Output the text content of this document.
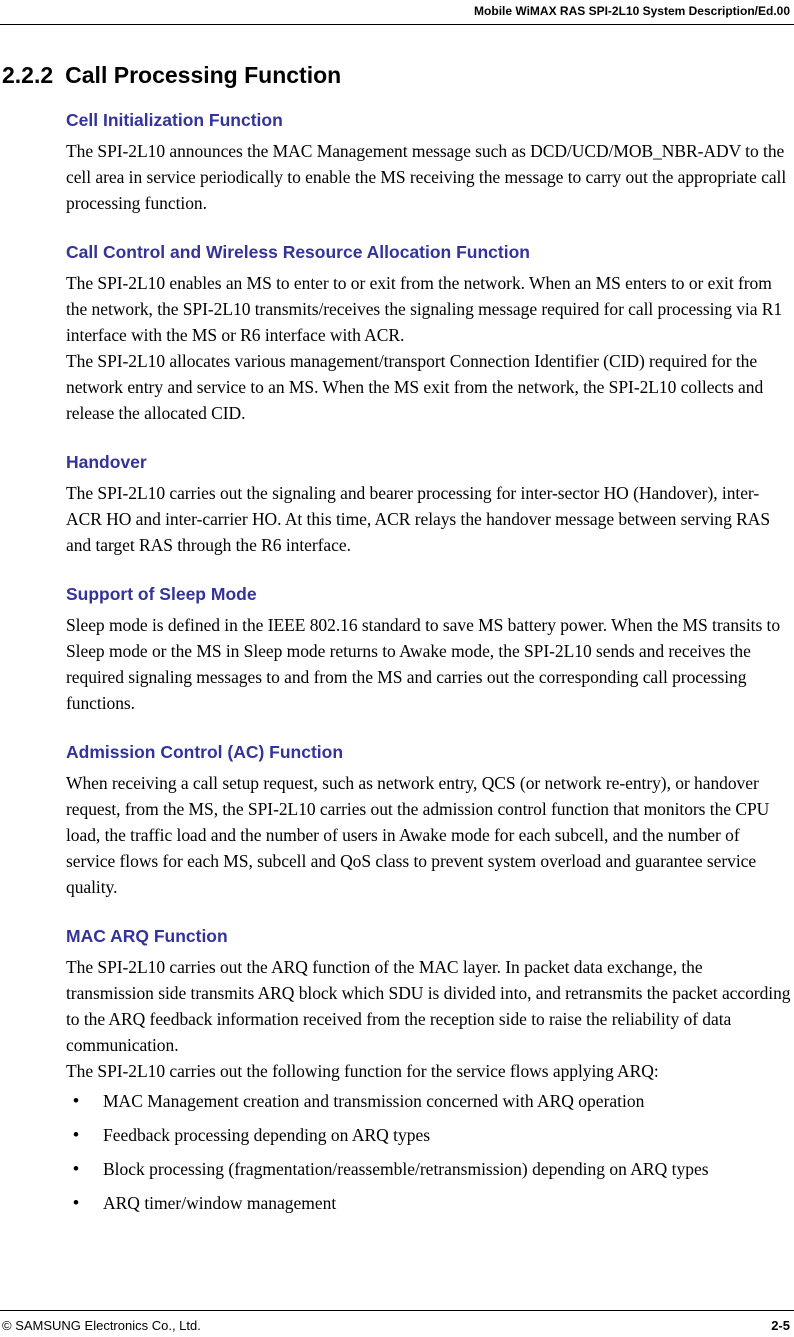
Mobile WiMAX RAS SPI-2L10 System Description/Ed.00
2.2.2 Call Processing Function
Cell Initialization Function

The SPI-2L10 announces the MAC Management message such as DCD/UCD/MOB_NBR-ADV to the cell area in service periodically to enable the MS receiving the message to carry out the appropriate call processing function.

Call Control and Wireless Resource Allocation Function

The SPI-2L10 enables an MS to enter to or exit from the network. When an MS enters to or exit from the network, the SPI-2L10 transmits/receives the signaling message required for call processing via R1 interface with the MS or R6 interface with ACR.

The SPI-2L10 allocates various management/transport Connection Identifier (CID) required for the network entry and service to an MS. When the MS exit from the network, the SPI-2L10 collects and release the allocated CID.

Handover

The SPI-2L10 carries out the signaling and bearer processing for inter-sector HO (Handover), inter-ACR HO and inter-carrier HO. At this time, ACR relays the handover message between serving RAS and target RAS through the R6 interface.

Support of Sleep Mode

Sleep mode is defined in the IEEE 802.16 standard to save MS battery power. When the MS transits to Sleep mode or the MS in Sleep mode returns to Awake mode, the SPI-2L10 sends and receives the required signaling messages to and from the MS and carries out the corresponding call processing functions.

Admission Control (AC) Function

When receiving a call setup request, such as network entry, QCS (or network re-entry), or handover request, from the MS, the SPI-2L10 carries out the admission control function that monitors the CPU load, the traffic load and the number of users in Awake mode for each subcell, and the number of service flows for each MS, subcell and QoS class to prevent system overload and guarantee service quality.

MAC ARQ Function

The SPI-2L10 carries out the ARQ function of the MAC layer. In packet data exchange, the transmission side transmits ARQ block which SDU is divided into, and retransmits the packet according to the ARQ feedback information received from the reception side to raise the reliability of data communication.

The SPI-2L10 carries out the following function for the service flows applying ARQ:

• MAC Management creation and transmission concerned with ARQ operation
• Feedback processing depending on ARQ types
• Block processing (fragmentation/reassemble/retransmission) depending on ARQ types
• ARQ timer/window management
© SAMSUNG Electronics Co., Ltd.	2-5
